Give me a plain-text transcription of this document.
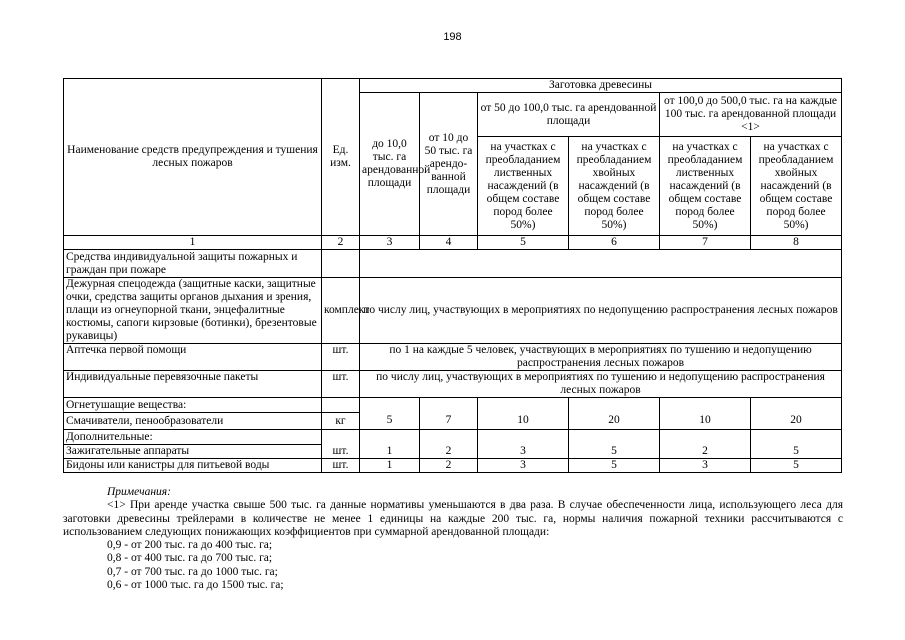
198
Наименование средств предупреждения и тушения лесных пожаров	Ед. изм.	Заготовка древесины					
		до 10,0 тыс. га арендованной площади	от 10 до 50 тыс. га арендо-ванной площади	от 50 до 100,0 тыс. га арендованной площади		от 100,0 до 500,0 тыс. га на каждые 100 тыс. га арендованной площади <1>	
				на участках с преобладанием лиственных насаждений (в общем составе пород более 50%)	на участках с преобладанием хвойных насаждений (в общем составе пород более 50%)	на участках с преобладанием лиственных насаждений (в общем составе пород более 50%)	на участках с преобладанием хвойных насаждений (в общем составе пород более 50%)
1	2	3	4	5	6	7	8
Средства индивидуальной защиты пожарных и граждан при пожаре							
Дежурная спецодежда (защитные каски, защитные очки, средства защиты органов дыхания и зрения, плащи из огнеупорной ткани, энцефалитные костюмы, сапоги кирзовые (ботинки), брезентовые рукавицы)	комплект	по числу лиц, участвующих в мероприятиях по недопущению распространения лесных пожаров					
Аптечка первой помощи	шт.	по 1 на каждые 5 человек, участвующих в мероприятиях по тушению и недопущению распространения лесных пожаров					
Индивидуальные перевязочные пакеты	шт.	по числу лиц, участвующих в мероприятиях по тушению и недопущению распространения лесных пожаров					
Огнетушащие вещества:							
Смачиватели, пенообразователи	кг	5	7	10	20	10	20
Дополнительные:							
Зажигательные аппараты	шт.	1	2	3	5	2	5
Бидоны или канистры для питьевой воды	шт.	1	2	3	5	3	5

Примечания:

<1> При аренде участка свыше 500 тыс. га данные нормативы уменьшаются в два раза. В случае обеспеченности лица, использующего леса для заготовки древесины трейлерами в количестве не менее 1 единицы на каждые 200 тыс. га, нормы наличия пожарной техники рассчитываются с использованием следующих понижающих коэффициентов при суммарной арендованной площади:

0,9 - от 200 тыс. га до 400 тыс. га;

0,8 - от 400 тыс. га до 700 тыс. га;

0,7 - от 700 тыс. га до 1000 тыс. га;

0,6 - от 1000 тыс. га до 1500 тыс. га;
